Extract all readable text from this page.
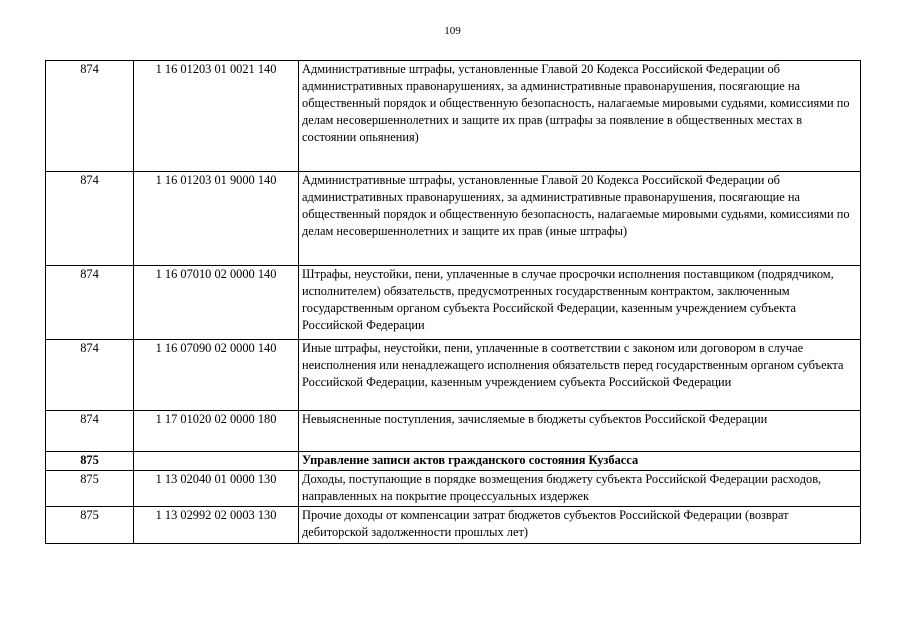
109
874	1 16 01203 01 0021 140	Административные штрафы, установленные Главой 20 Кодекса Российской Федерации об административных правонарушениях, за административные правонарушения, посягающие на общественный порядок и общественную безопасность, налагаемые мировыми судьями, комиссиями по делам несовершеннолетних и защите их прав (штрафы за появление в общественных местах в состоянии опьянения)
874	1 16 01203 01 9000 140	Административные штрафы, установленные Главой 20 Кодекса Российской Федерации об административных правонарушениях, за административные правонарушения, посягающие на общественный порядок и общественную безопасность, налагаемые мировыми судьями, комиссиями по делам несовершеннолетних и защите их прав (иные штрафы)
874	1 16 07010 02 0000 140	Штрафы, неустойки, пени, уплаченные в случае просрочки исполнения поставщиком (подрядчиком, исполнителем) обязательств, предусмотренных государственным контрактом, заключенным государственным органом субъекта Российской Федерации, казенным учреждением субъекта Российской Федерации
874	1 16 07090 02 0000 140	Иные штрафы, неустойки, пени, уплаченные в соответствии с законом или договором в случае неисполнения или ненадлежащего исполнения обязательств перед государственным органом субъекта Российской Федерации, казенным учреждением субъекта Российской Федерации
874	1 17 01020 02 0000 180	Невыясненные поступления, зачисляемые в бюджеты субъектов Российской Федерации
875		Управление записи актов гражданского состояния Кузбасса
875	1 13 02040 01 0000 130	Доходы, поступающие в порядке возмещения бюджету субъекта Российской Федерации расходов, направленных на покрытие процессуальных издержек
875	1 13 02992 02 0003 130	Прочие доходы от компенсации затрат бюджетов субъектов Российской Федерации (возврат дебиторской задолженности прошлых лет)
